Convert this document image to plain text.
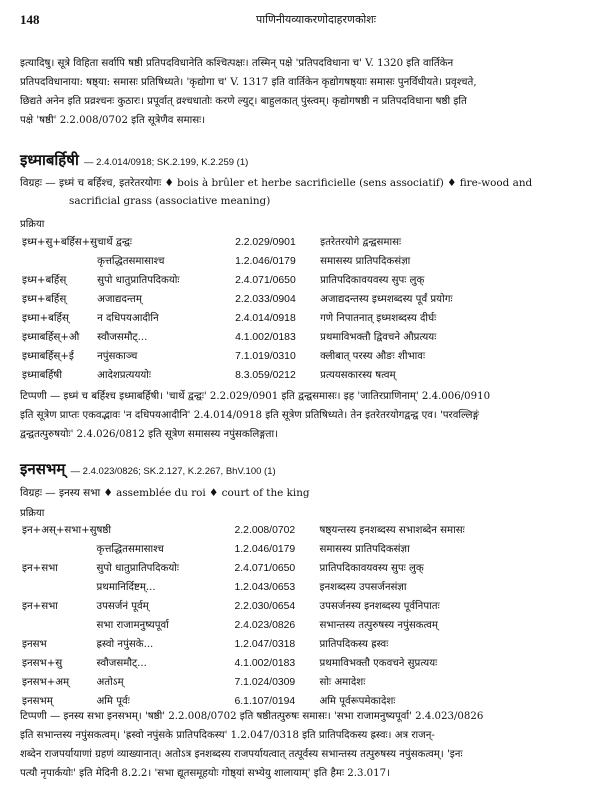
148	पाणिनीयव्याकरणोदाहरणकोशः

इत्यादिषु। सूत्रे विहिता सर्वापि षष्ठी प्रतिपदविधानेति कश्चित्पक्षः। तस्मिन् पक्षे 'प्रतिपदविधाना च' V. 1320 इति वार्तिकेन

प्रतिपदविधानाया: षष्ठ्या: समासः प्रतिषिध्यते। 'कृद्योगा च' V. 1317 इति वार्तिकेन कृद्योगषष्ठ्याः समासः पुनर्विधीयते। प्रवृश्चते,

छिद्यते अनेन इति प्रव्रश्चनः कुठारः। प्रपूर्वात् व्रश्चधातोः करणे ल्युट्। बाहुलकात् पुंस्त्वम्। कृद्योगषष्ठी न प्रतिपदविधाना षष्ठी इति

पक्षे 'षष्ठी' 2.2.008/0702 इति सूत्रेणैव समासः।

इध्माबर्हिषी — 2.4.014/0918; SK.2.199, K.2.259 (1)

विग्रहः — इध्मं च बर्हिश्च, इतरेतरयोगः ♦ bois à brûler et herbe sacrificielle (sens associatif) ♦ fire-wood and

sacrificial grass (associative meaning)

प्रक्रिया
इध्म+सु+बर्हिस+सु	चार्थे द्वन्द्वः	2.2.029/0901	इतरेतरयोगे द्वन्द्वसमासः
	कृत्तद्धितसमासाश्च	1.2.046/0179	समासस्य प्रातिपदिकसंज्ञा
इध्म+बर्हिस्	सुपो धातुप्रातिपदिकयोः	2.4.071/0650	प्रातिपदिकावयवस्य सुपः लुक्
इध्म+बर्हिस्	अजाद्यदन्तम्	2.2.033/0904	अजाद्यदन्तस्य इध्मशब्दस्य पूर्वं प्रयोगः
इध्मा+बर्हिस्	न दधिपयआदीनि	2.4.014/0918	गणे निपातनात् इध्मशब्दस्य दीर्घः
इध्माबर्हिस्+औ	स्वौजसमौट्...	4.1.002/0183	प्रथमाविभक्तौ द्विवचने औप्रत्ययः
इध्माबर्हिस्+ई	नपुंसकाञ्च	7.1.019/0310	क्लीबात् परस्य औङः शीभावः
इध्माबर्हिषी	आदेशप्रत्यययोः	8.3.059/0212	प्रत्ययसकारस्य षत्वम्

टिप्पणी — इध्मं च बर्हिश्च इध्माबर्हिषी। 'चार्थे द्वन्द्वः' 2.2.029/0901 इति द्वन्द्वसमासः। इह 'जातिरप्राणिनाम्' 2.4.006/0910

इति सूत्रेण प्राप्तः एकवद्भावः 'न दधिपयआदीनि' 2.4.014/0918 इति सूत्रेण प्रतिषिध्यते। तेन इतरेतरयोगद्वन्द्व एव। 'परवल्लिङ्गं

द्वन्द्वतत्पुरुषयोः' 2.4.026/0812 इति सूत्रेण समासस्य नपुंसकलिङ्गता।

इनसभम् — 2.4.023/0826; SK.2.127, K.2.267, BhV.100 (1)

विग्रहः — इनस्य सभा ♦ assemblée du roi ♦ court of the king

प्रक्रिया
इन+अस्+सभा+सु	षष्ठी	2.2.008/0702	षष्ठ्यन्तस्य इनशब्दस्य सभाशब्देन समासः
	कृत्तद्धितसमासाश्च	1.2.046/0179	समासस्य प्रातिपदिकसंज्ञा
इन+सभा	सुपो धातुप्रातिपदिकयोः	2.4.071/0650	प्रातिपदिकावयवस्य सुपः लुक्
	प्रथमानिर्दिष्टम्...	1.2.043/0653	इनशब्दस्य उपसर्जनसंज्ञा
इन+सभा	उपसर्जनं पूर्वम्	2.2.030/0654	उपसर्जनस्य इनशब्दस्य पूर्वनिपातः
	सभा राजामनुष्यपूर्वा	2.4.023/0826	सभान्तस्य तत्पुरुषस्य नपुंसकत्वम्
इनसभ	ह्रस्वो नपुंसके...	1.2.047/0318	प्रातिपदिकस्य ह्रस्वः
इनसभ+सु	स्वौजसमौट्...	4.1.002/0183	प्रथमाविभक्तौ एकवचने सुप्रत्ययः
इनसभ+अम्	अतोऽम्	7.1.024/0309	सोः अमादेशः
इनसभम्	अमि पूर्वः	6.1.107/0194	अमि पूर्वरूपमेकादेशः

टिप्पणी — इनस्य सभा इनसभम्। 'षष्ठी' 2.2.008/0702 इति षष्ठीतत्पुरुषः समासः। 'सभा राजामनुष्यपूर्वा' 2.4.023/0826

इति सभान्तस्य नपुंसकत्वम्। 'ह्रस्वो नपुंसके प्रातिपदिकस्य' 1.2.047/0318 इति प्रातिपदिकस्य ह्रस्वः। अत्र राजन्-

शब्देन राजपर्यायाणां ग्रहणं व्याख्यानात्। अतोऽत्र इनशब्दस्य राजपर्यायत्वात् तत्पूर्वस्य सभान्तस्य तत्पुरुषस्य नपुंसकत्वम्। 'इनः

पत्यौ नृपार्कयोः' इति मेदिनी 8.2.2। 'सभा द्यूतसमूहयोः गोष्ठ्यां सभ्येयु शालायाम्' इति हैमः 2.3.017।
